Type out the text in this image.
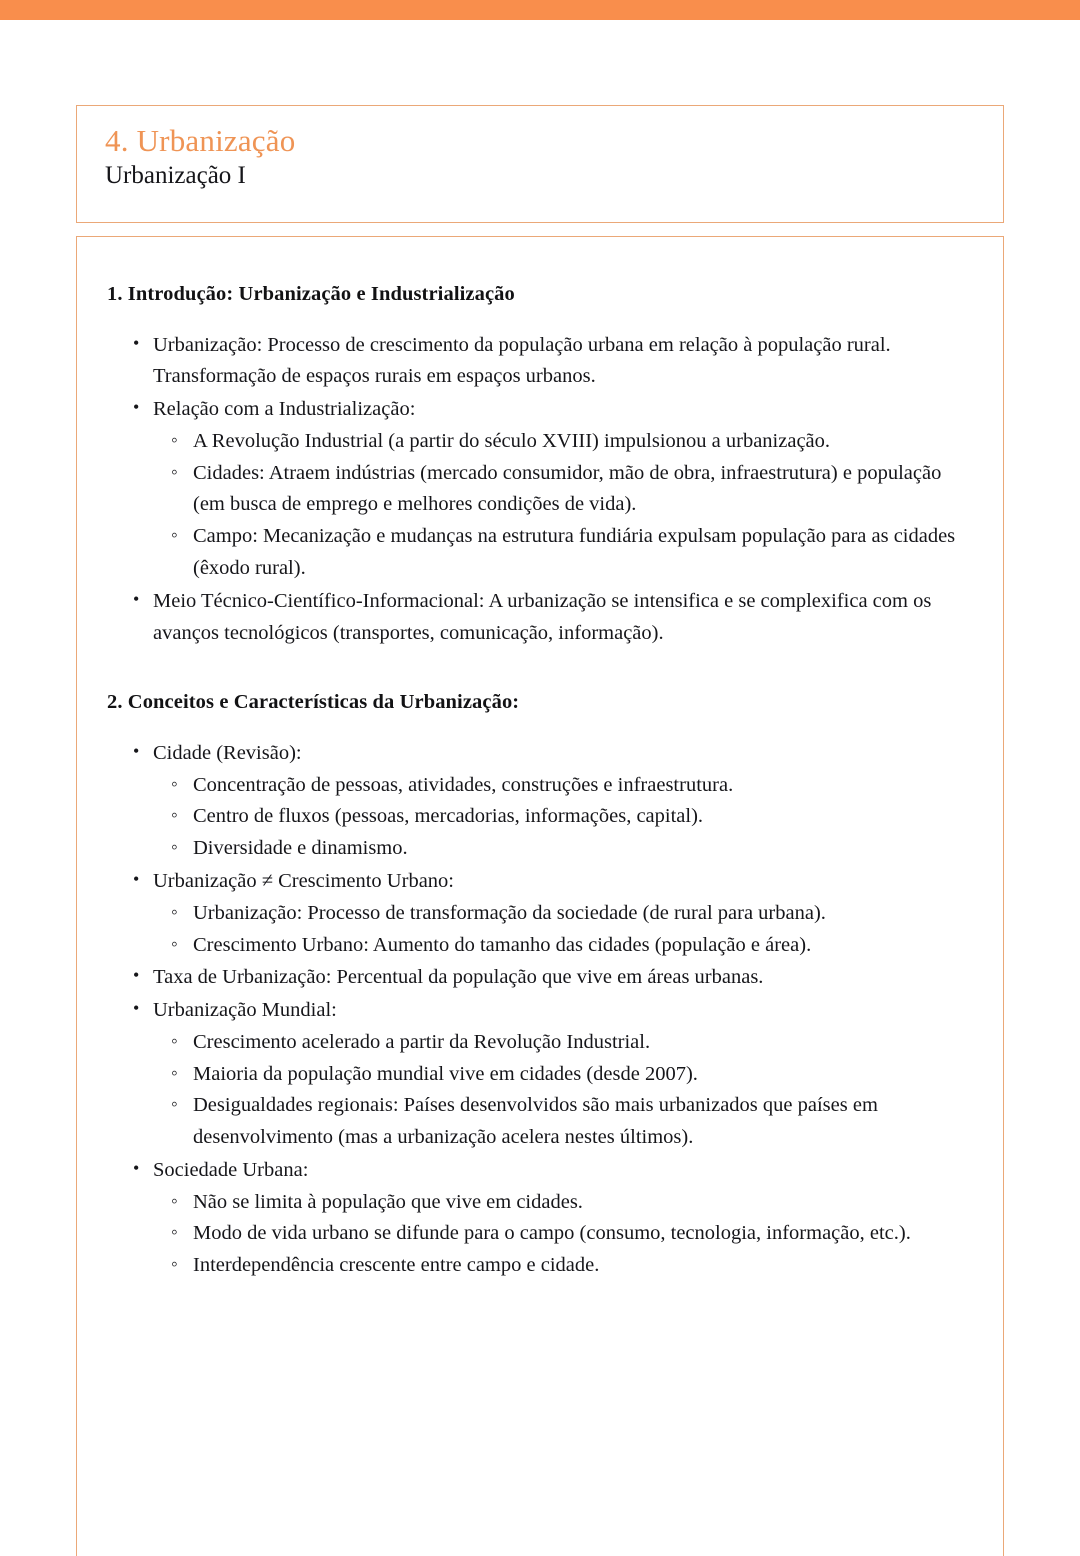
4. Urbanização
Urbanização I
1. Introdução: Urbanização e Industrialização
• Urbanização: Processo de crescimento da população urbana em relação à população rural. Transformação de espaços rurais em espaços urbanos.
• Relação com a Industrialização:
◦ A Revolução Industrial (a partir do século XVIII) impulsionou a urbanização.
◦ Cidades: Atraem indústrias (mercado consumidor, mão de obra, infraestrutura) e população (em busca de emprego e melhores condições de vida).
◦ Campo: Mecanização e mudanças na estrutura fundiária expulsam população para as cidades (êxodo rural).
• Meio Técnico-Científico-Informacional: A urbanização se intensifica e se complexifica com os avanços tecnológicos (transportes, comunicação, informação).
2. Conceitos e Características da Urbanização:
• Cidade (Revisão):
◦ Concentração de pessoas, atividades, construções e infraestrutura.
◦ Centro de fluxos (pessoas, mercadorias, informações, capital).
◦ Diversidade e dinamismo.
• Urbanização ≠ Crescimento Urbano:
◦ Urbanização: Processo de transformação da sociedade (de rural para urbana).
◦ Crescimento Urbano: Aumento do tamanho das cidades (população e área).
• Taxa de Urbanização: Percentual da população que vive em áreas urbanas.
• Urbanização Mundial:
◦ Crescimento acelerado a partir da Revolução Industrial.
◦ Maioria da população mundial vive em cidades (desde 2007).
◦ Desigualdades regionais: Países desenvolvidos são mais urbanizados que países em desenvolvimento (mas a urbanização acelera nestes últimos).
• Sociedade Urbana:
◦ Não se limita à população que vive em cidades.
◦ Modo de vida urbano se difunde para o campo (consumo, tecnologia, informação, etc.).
◦ Interdependência crescente entre campo e cidade.
